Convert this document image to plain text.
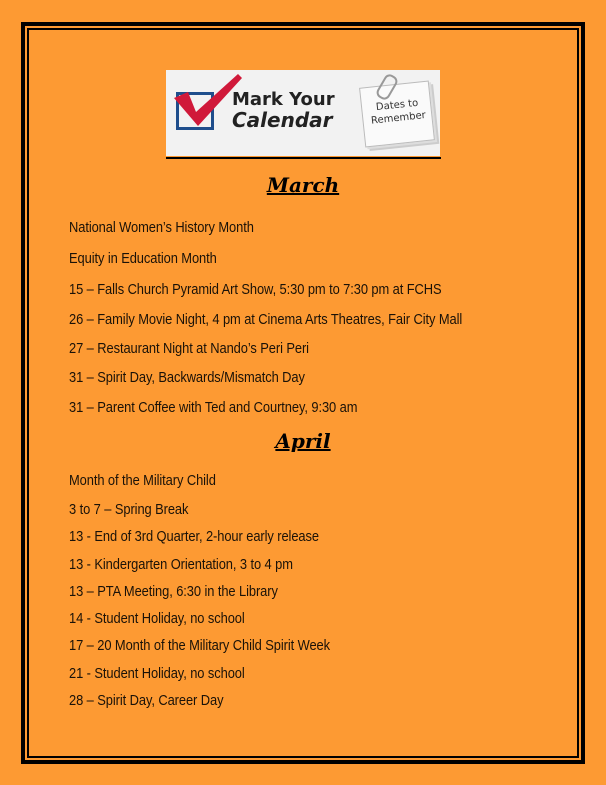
Mark Your
Calendar
Dates to
Remember
March
National Women’s History Month
Equity in Education Month
15 – Falls Church Pyramid Art Show, 5:30 pm to 7:30 pm at FCHS
26 – Family Movie Night, 4 pm at Cinema Arts Theatres, Fair City Mall
27 – Restaurant Night at Nando’s Peri Peri
31 – Spirit Day, Backwards/Mismatch Day
31 – Parent Coffee with Ted and Courtney, 9:30 am
April
Month of the Military Child
3 to 7 – Spring Break
13 - End of 3rd Quarter, 2-hour early release
13 - Kindergarten Orientation, 3 to 4 pm
13 – PTA Meeting, 6:30 in the Library
14 - Student Holiday, no school
17 – 20 Month of the Military Child Spirit Week
21 - Student Holiday, no school
28 – Spirit Day, Career Day
